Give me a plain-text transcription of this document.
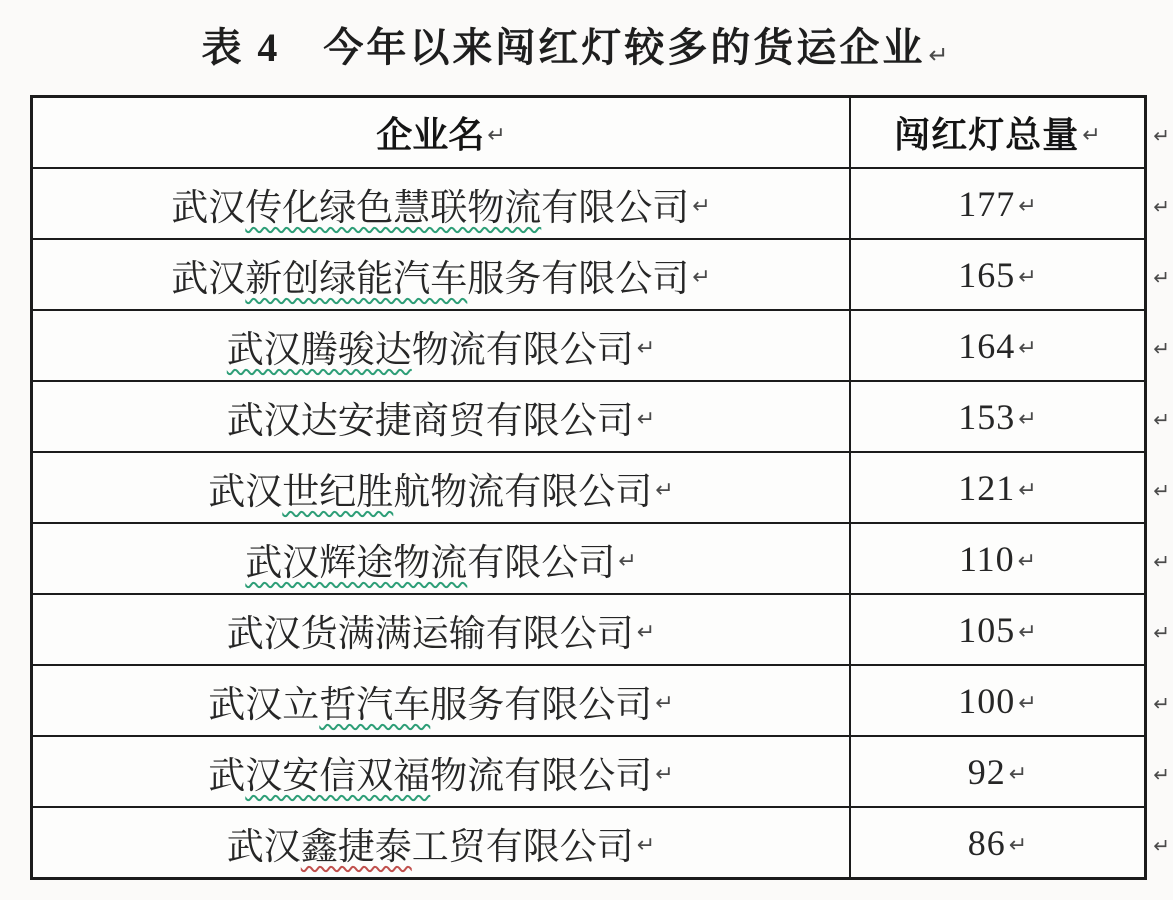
表 4　今年以来闯红灯较多的货运企业 ↵
企业名 ↵	闯红灯总量 ↵	↵
武汉传化绿色慧联物流有限公司 ↵	177 ↵	↵
武汉新创绿能汽车服务有限公司 ↵	165 ↵	↵
武汉腾骏达物流有限公司 ↵	164 ↵	↵
武汉达安捷商贸有限公司 ↵	153 ↵	↵
武汉世纪胜航物流有限公司 ↵	121 ↵	↵
武汉辉途物流有限公司 ↵	110 ↵	↵
武汉货满满运输有限公司 ↵	105 ↵	↵
武汉立哲汽车服务有限公司 ↵	100 ↵	↵
武汉安信双福物流有限公司 ↵	92 ↵	↵
武汉鑫捷泰工贸有限公司 ↵	86 ↵	↵
